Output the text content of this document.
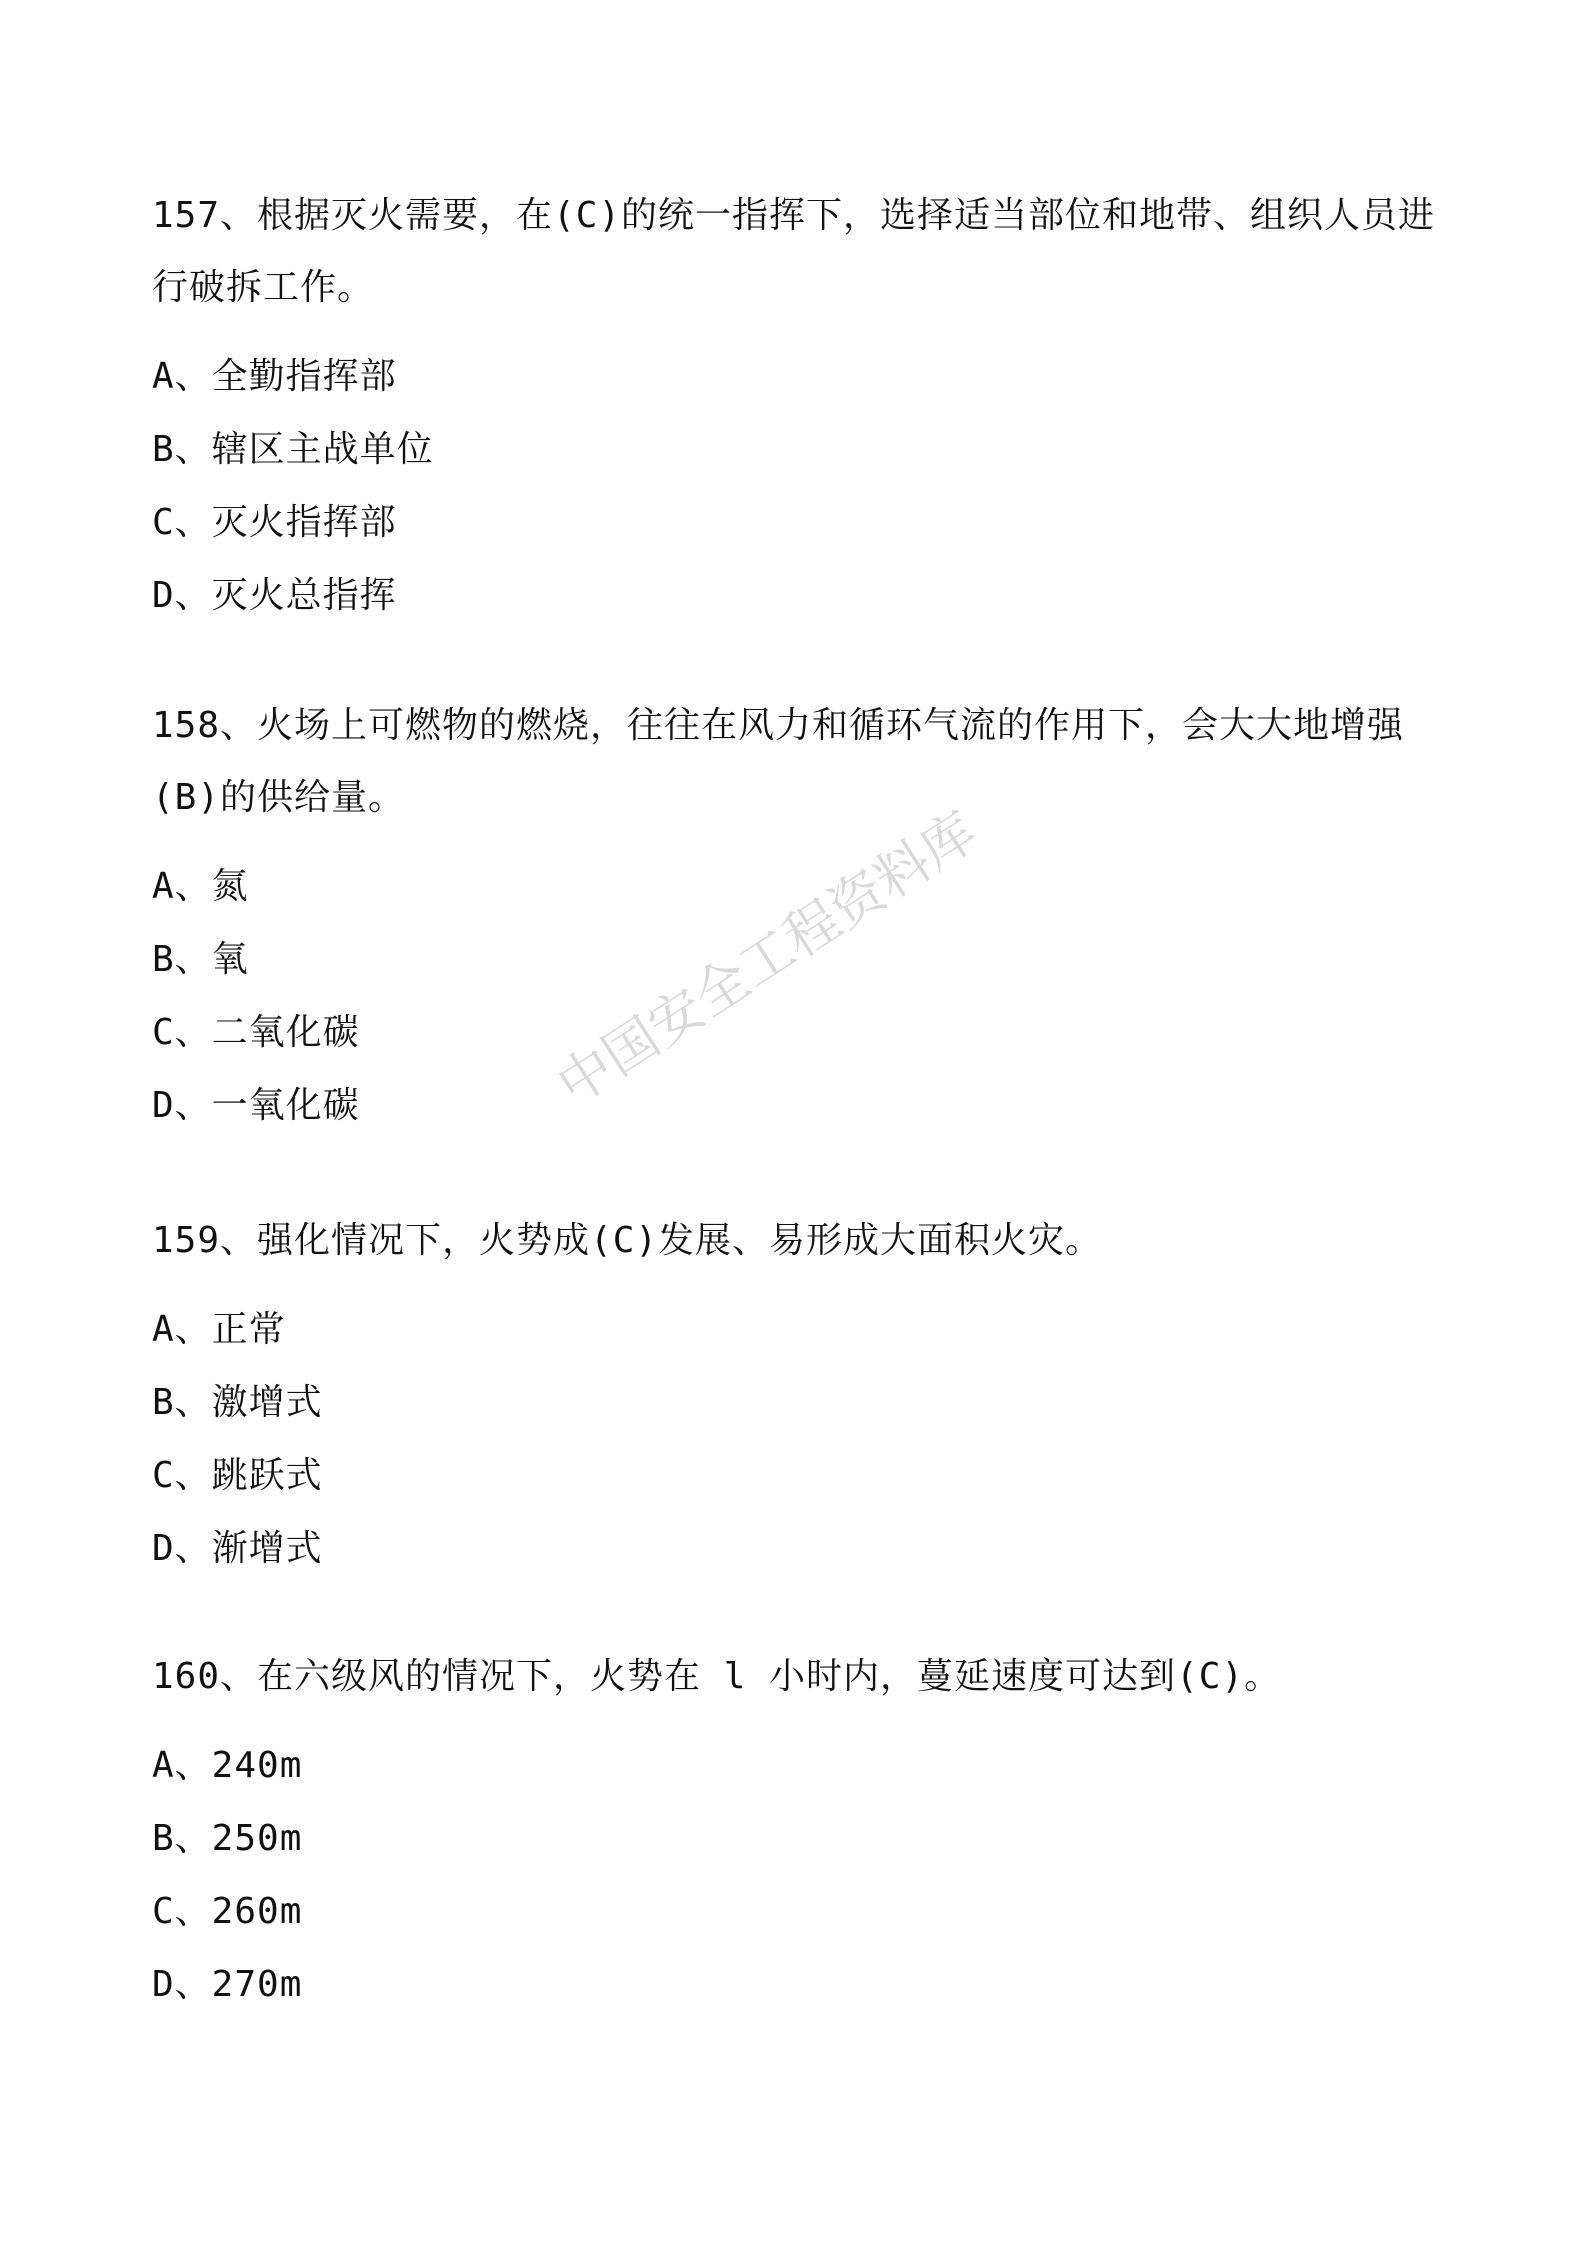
157、根据灭火需要，在(C)的统一指挥下，选择适当部位和地带、组织人员进行破拆工作。

A、全勤指挥部
B、辖区主战单位
C、灭火指挥部
D、灭火总指挥

158、火场上可燃物的燃烧，往往在风力和循环气流的作用下，会大大地增强(B)的供给量。

A、氮
B、氧
C、二氧化碳
D、一氧化碳

159、强化情况下，火势成(C)发展、易形成大面积火灾。

A、正常
B、激增式
C、跳跃式
D、渐增式

160、在六级风的情况下，火势在 l 小时内，蔓延速度可达到(C)。

A、240m
B、250m
C、260m
D、270m
中国安全工程资料库
